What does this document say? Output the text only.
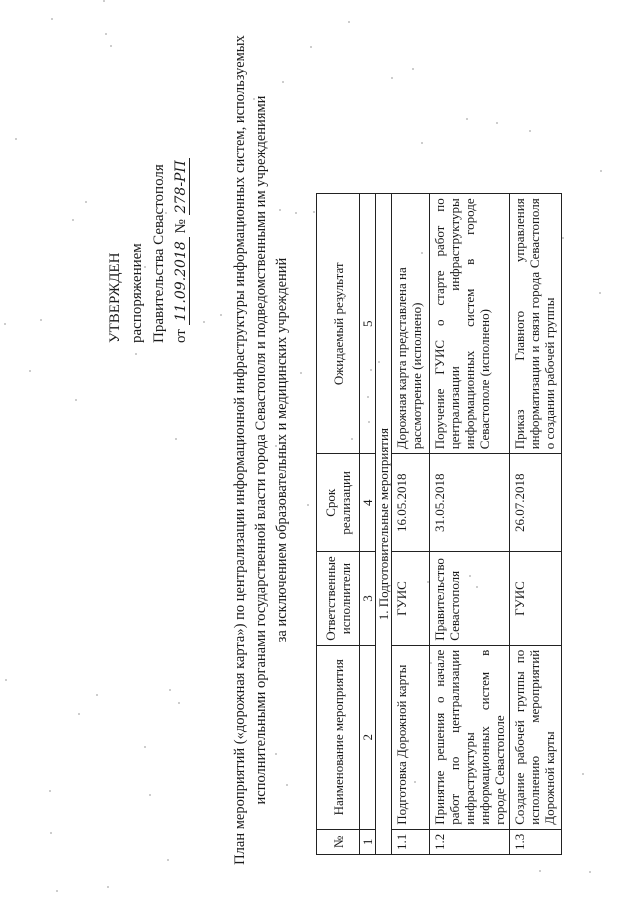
УТВЕРЖДЕН распоряжением Правительства Севастополя от 11.09.2018 № 278-РП	План мероприятий («дорожная карта») по централизации информационной инфраструктуры информационных систем, используемых исполнительными органами государственной власти города Севастополя и подведомственными им учреждениями за исключением образовательных и медицинских учреждений
№	Наименование мероприятия	Ответственные исполнители	Срок реализации	Ожидаемый результат
1	2	3	4	5
1. Подготовительные мероприятия				
1.1	Подготовка Дорожной карты	ГУИС	16.05.2018	Дорожная карта представлена на рассмотрение (исполнено)
1.2	Принятие решения о начале работ по централизации инфраструктуры информационных систем в городе Севастополе	Правительство Севастополя	31.05.2018	Поручение ГУИС о старте работ по централизации инфраструктуры информационных систем в городе Севастополе (исполнено)
1.3	Создание рабочей группы по исполнению мероприятий Дорожной карты	ГУИС	26.07.2018	Приказ Главного управления информатизации и связи города Севастополя о создании рабочей группы
